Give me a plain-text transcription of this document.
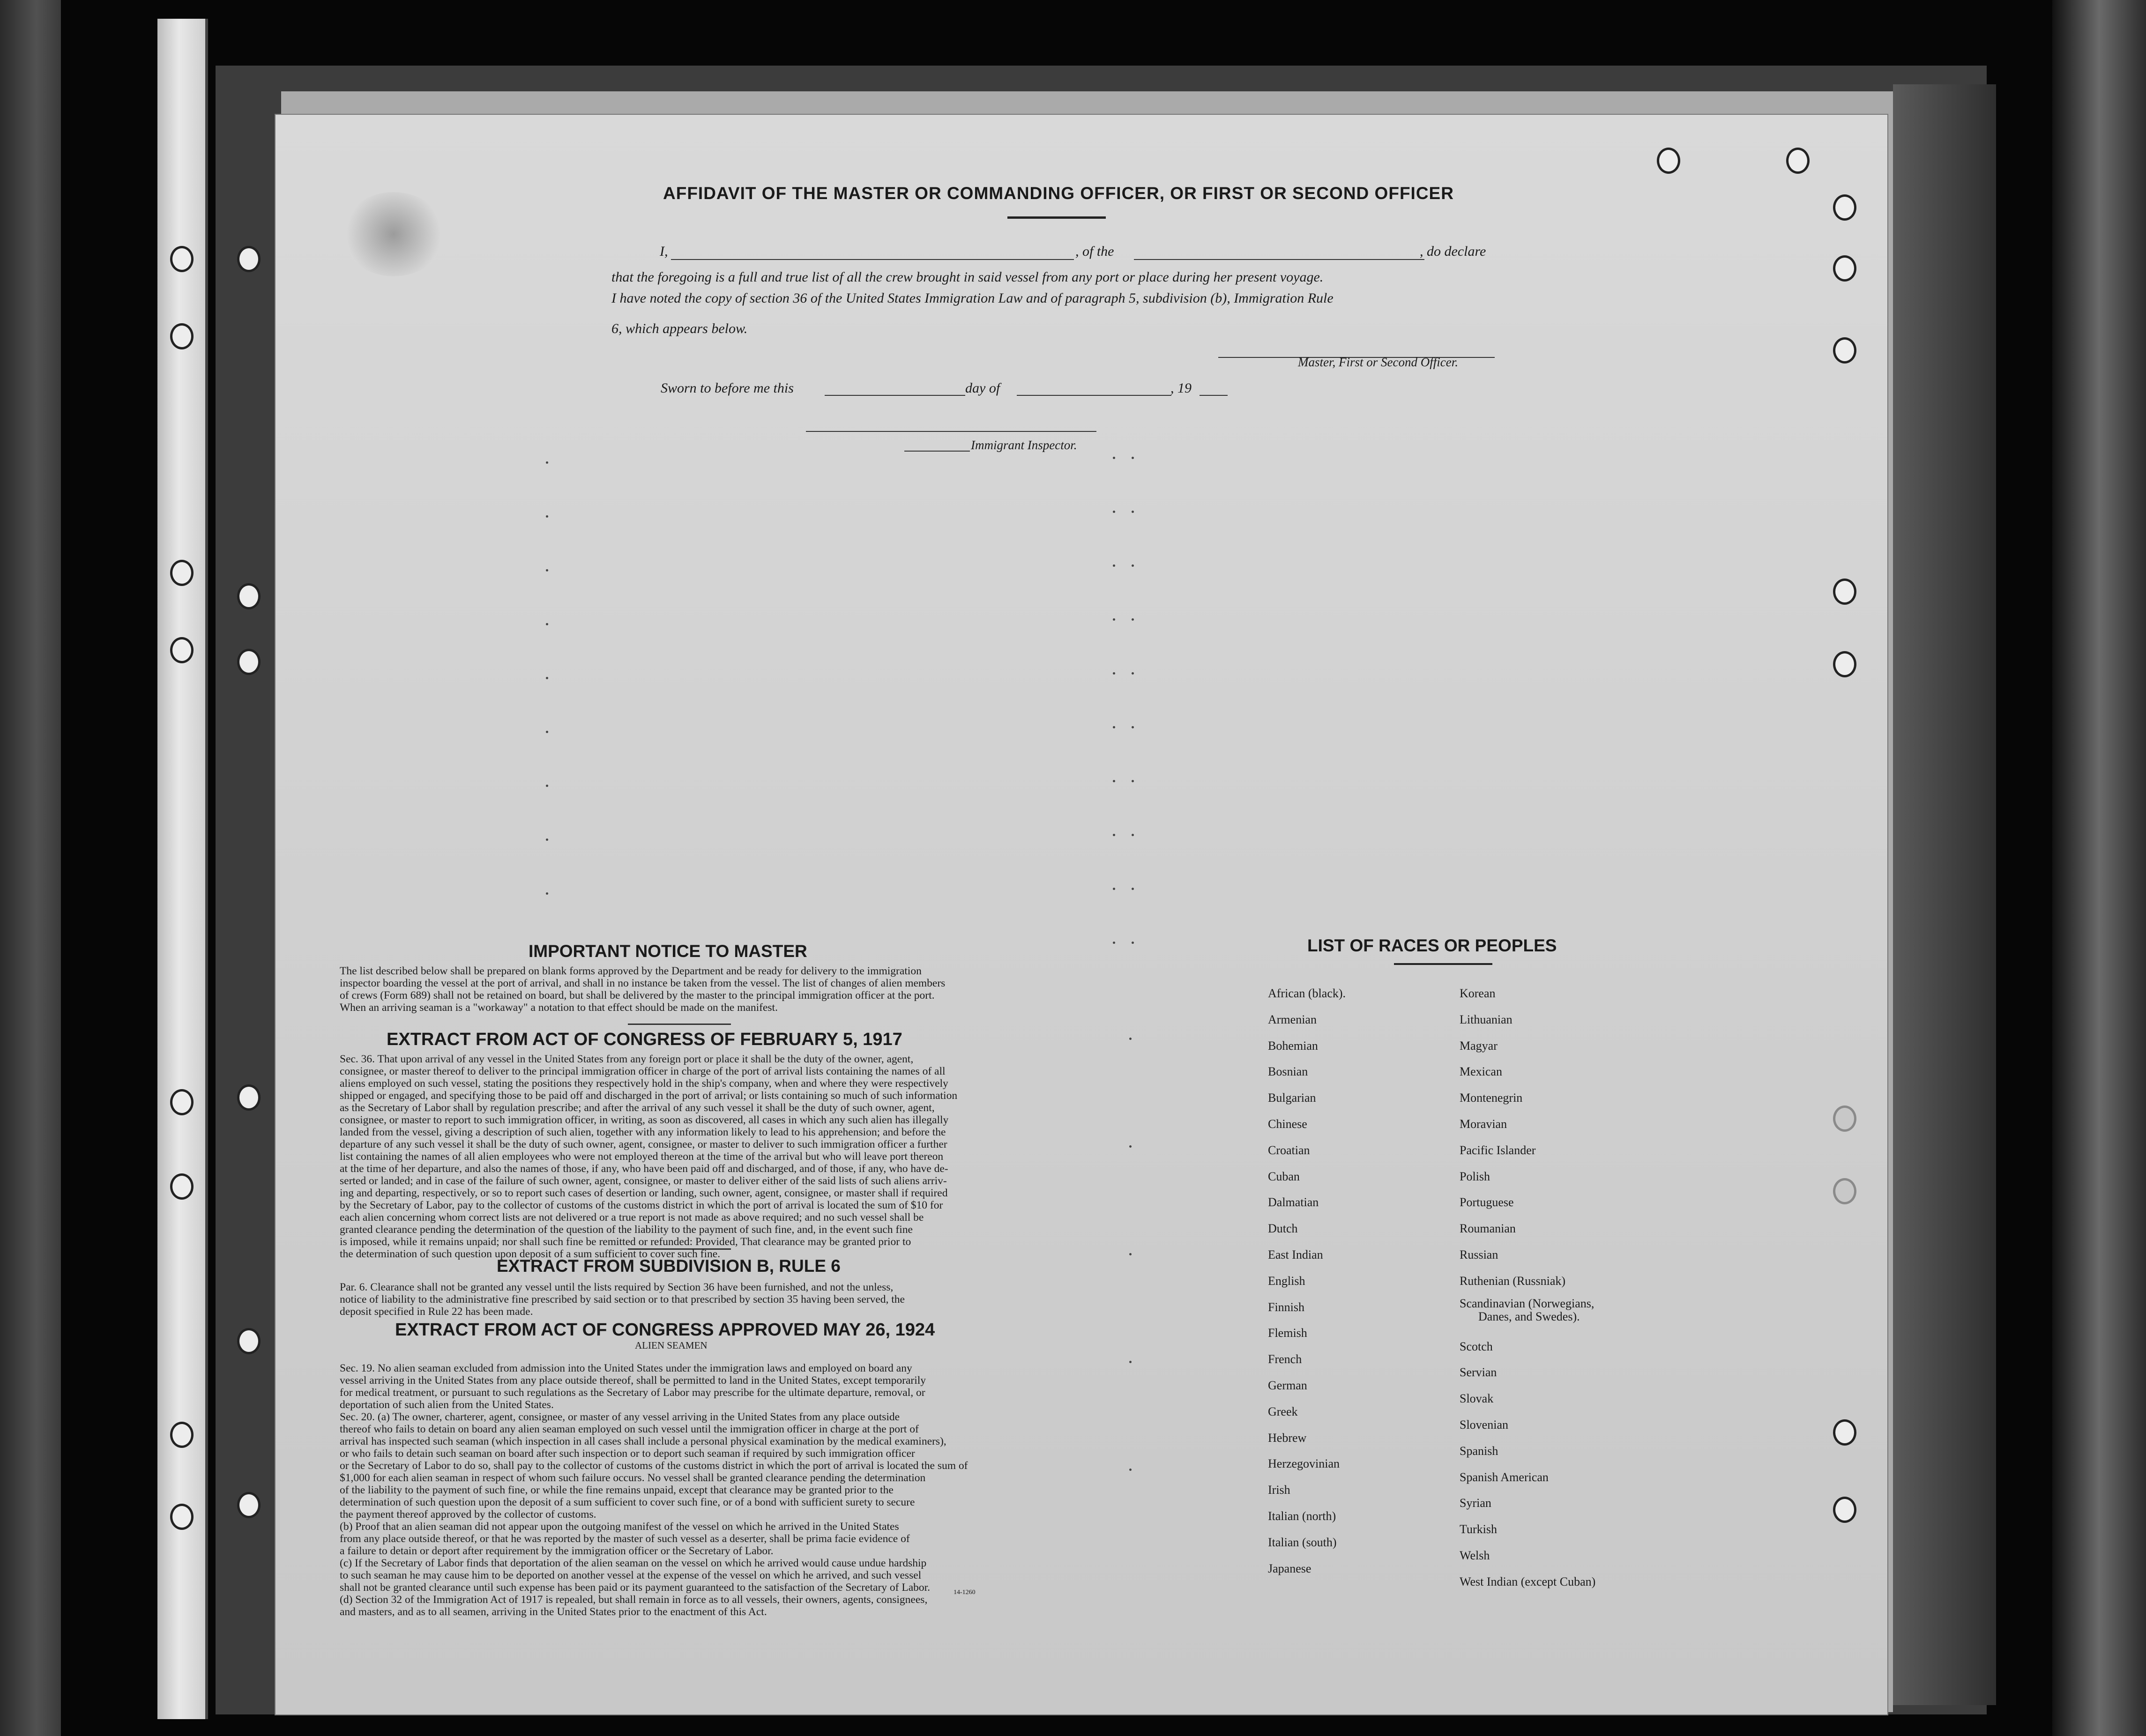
AFFIDAVIT OF THE MASTER OR COMMANDING OFFICER, OR FIRST OR SECOND OFFICER
I,	, of the	, do declare
that the foregoing is a full and true list of all the crew brought in said vessel from any port or place during her present voyage.
I have noted the copy of section 36 of the United States Immigration Law and of paragraph 5, subdivision (b), Immigration Rule
6, which appears below.
Master, First or Second Officer.
Sworn to before me this	day of	, 19
Immigrant Inspector.
IMPORTANT NOTICE TO MASTER
The list described below shall be prepared on blank forms approved by the Department and be ready for delivery to the immigration
inspector boarding the vessel at the port of arrival, and shall in no instance be taken from the vessel. The list of changes of alien members
of crews (Form 689) shall not be retained on board, but shall be delivered by the master to the principal immigration officer at the port.
When an arriving seaman is a "workaway" a notation to that effect should be made on the manifest.
EXTRACT FROM ACT OF CONGRESS OF FEBRUARY 5, 1917
Sec. 36. That upon arrival of any vessel in the United States from any foreign port or place it shall be the duty of the owner, agent,
consignee, or master thereof to deliver to the principal immigration officer in charge of the port of arrival lists containing the names of all
aliens employed on such vessel, stating the positions they respectively hold in the ship's company, when and where they were respectively
shipped or engaged, and specifying those to be paid off and discharged in the port of arrival; or lists containing so much of such information
as the Secretary of Labor shall by regulation prescribe; and after the arrival of any such vessel it shall be the duty of such owner, agent,
consignee, or master to report to such immigration officer, in writing, as soon as discovered, all cases in which any such alien has illegally
landed from the vessel, giving a description of such alien, together with any information likely to lead to his apprehension; and before the
departure of any such vessel it shall be the duty of such owner, agent, consignee, or master to deliver to such immigration officer a further
list containing the names of all alien employees who were not employed thereon at the time of the arrival but who will leave port thereon
at the time of her departure, and also the names of those, if any, who have been paid off and discharged, and of those, if any, who have de-
serted or landed; and in case of the failure of such owner, agent, consignee, or master to deliver either of the said lists of such aliens arriv-
ing and departing, respectively, or so to report such cases of desertion or landing, such owner, agent, consignee, or master shall if required
by the Secretary of Labor, pay to the collector of customs of the customs district in which the port of arrival is located the sum of $10 for
each alien concerning whom correct lists are not delivered or a true report is not made as above required; and no such vessel shall be
granted clearance pending the determination of the question of the liability to the payment of such fine, and, in the event such fine
is imposed, while it remains unpaid; nor shall such fine be remitted or refunded: Provided, That clearance may be granted prior to
the determination of such question upon deposit of a sum sufficient to cover such fine.
EXTRACT FROM SUBDIVISION B, RULE 6
Par. 6. Clearance shall not be granted any vessel until the lists required by Section 36 have been furnished, and not the unless,
notice of liability to the administrative fine prescribed by said section or to that prescribed by section 35 having been served, the
deposit specified in Rule 22 has been made.
EXTRACT FROM ACT OF CONGRESS APPROVED MAY 26, 1924
ALIEN SEAMEN
Sec. 19. No alien seaman excluded from admission into the United States under the immigration laws and employed on board any
vessel arriving in the United States from any place outside thereof, shall be permitted to land in the United States, except temporarily
for medical treatment, or pursuant to such regulations as the Secretary of Labor may prescribe for the ultimate departure, removal, or
deportation of such alien from the United States.
Sec. 20. (a) The owner, charterer, agent, consignee, or master of any vessel arriving in the United States from any place outside
thereof who fails to detain on board any alien seaman employed on such vessel until the immigration officer in charge at the port of
arrival has inspected such seaman (which inspection in all cases shall include a personal physical examination by the medical examiners),
or who fails to detain such seaman on board after such inspection or to deport such seaman if required by such immigration officer
or the Secretary of Labor to do so, shall pay to the collector of customs of the customs district in which the port of arrival is located the sum of
$1,000 for each alien seaman in respect of whom such failure occurs. No vessel shall be granted clearance pending the determination
of the liability to the payment of such fine, or while the fine remains unpaid, except that clearance may be granted prior to the
determination of such question upon the deposit of a sum sufficient to cover such fine, or of a bond with sufficient surety to secure
the payment thereof approved by the collector of customs.
(b) Proof that an alien seaman did not appear upon the outgoing manifest of the vessel on which he arrived in the United States
from any place outside thereof, or that he was reported by the master of such vessel as a deserter, shall be prima facie evidence of
a failure to detain or deport after requirement by the immigration officer or the Secretary of Labor.
(c) If the Secretary of Labor finds that deportation of the alien seaman on the vessel on which he arrived would cause undue hardship
to such seaman he may cause him to be deported on another vessel at the expense of the vessel on which he arrived, and such vessel
shall not be granted clearance until such expense has been paid or its payment guaranteed to the satisfaction of the Secretary of Labor.
(d) Section 32 of the Immigration Act of 1917 is repealed, but shall remain in force as to all vessels, their owners, agents, consignees,
and masters, and as to all seamen, arriving in the United States prior to the enactment of this Act.
14-1260
LIST OF RACES OR PEOPLES
African (black).
Armenian
Bohemian
Bosnian
Bulgarian
Chinese
Croatian
Cuban
Dalmatian
Dutch
East Indian
English
Finnish
Flemish
French
German
Greek
Hebrew
Herzegovinian
Irish
Italian (north)
Italian (south)
Japanese
Korean
Lithuanian
Magyar
Mexican
Montenegrin
Moravian
Pacific Islander
Polish
Portuguese
Roumanian
Russian
Ruthenian (Russniak)
Scandinavian (Norwegians,
Danes, and Swedes).
Scotch
Servian
Slovak
Slovenian
Spanish
Spanish American
Syrian
Turkish
Welsh
West Indian (except Cuban)
